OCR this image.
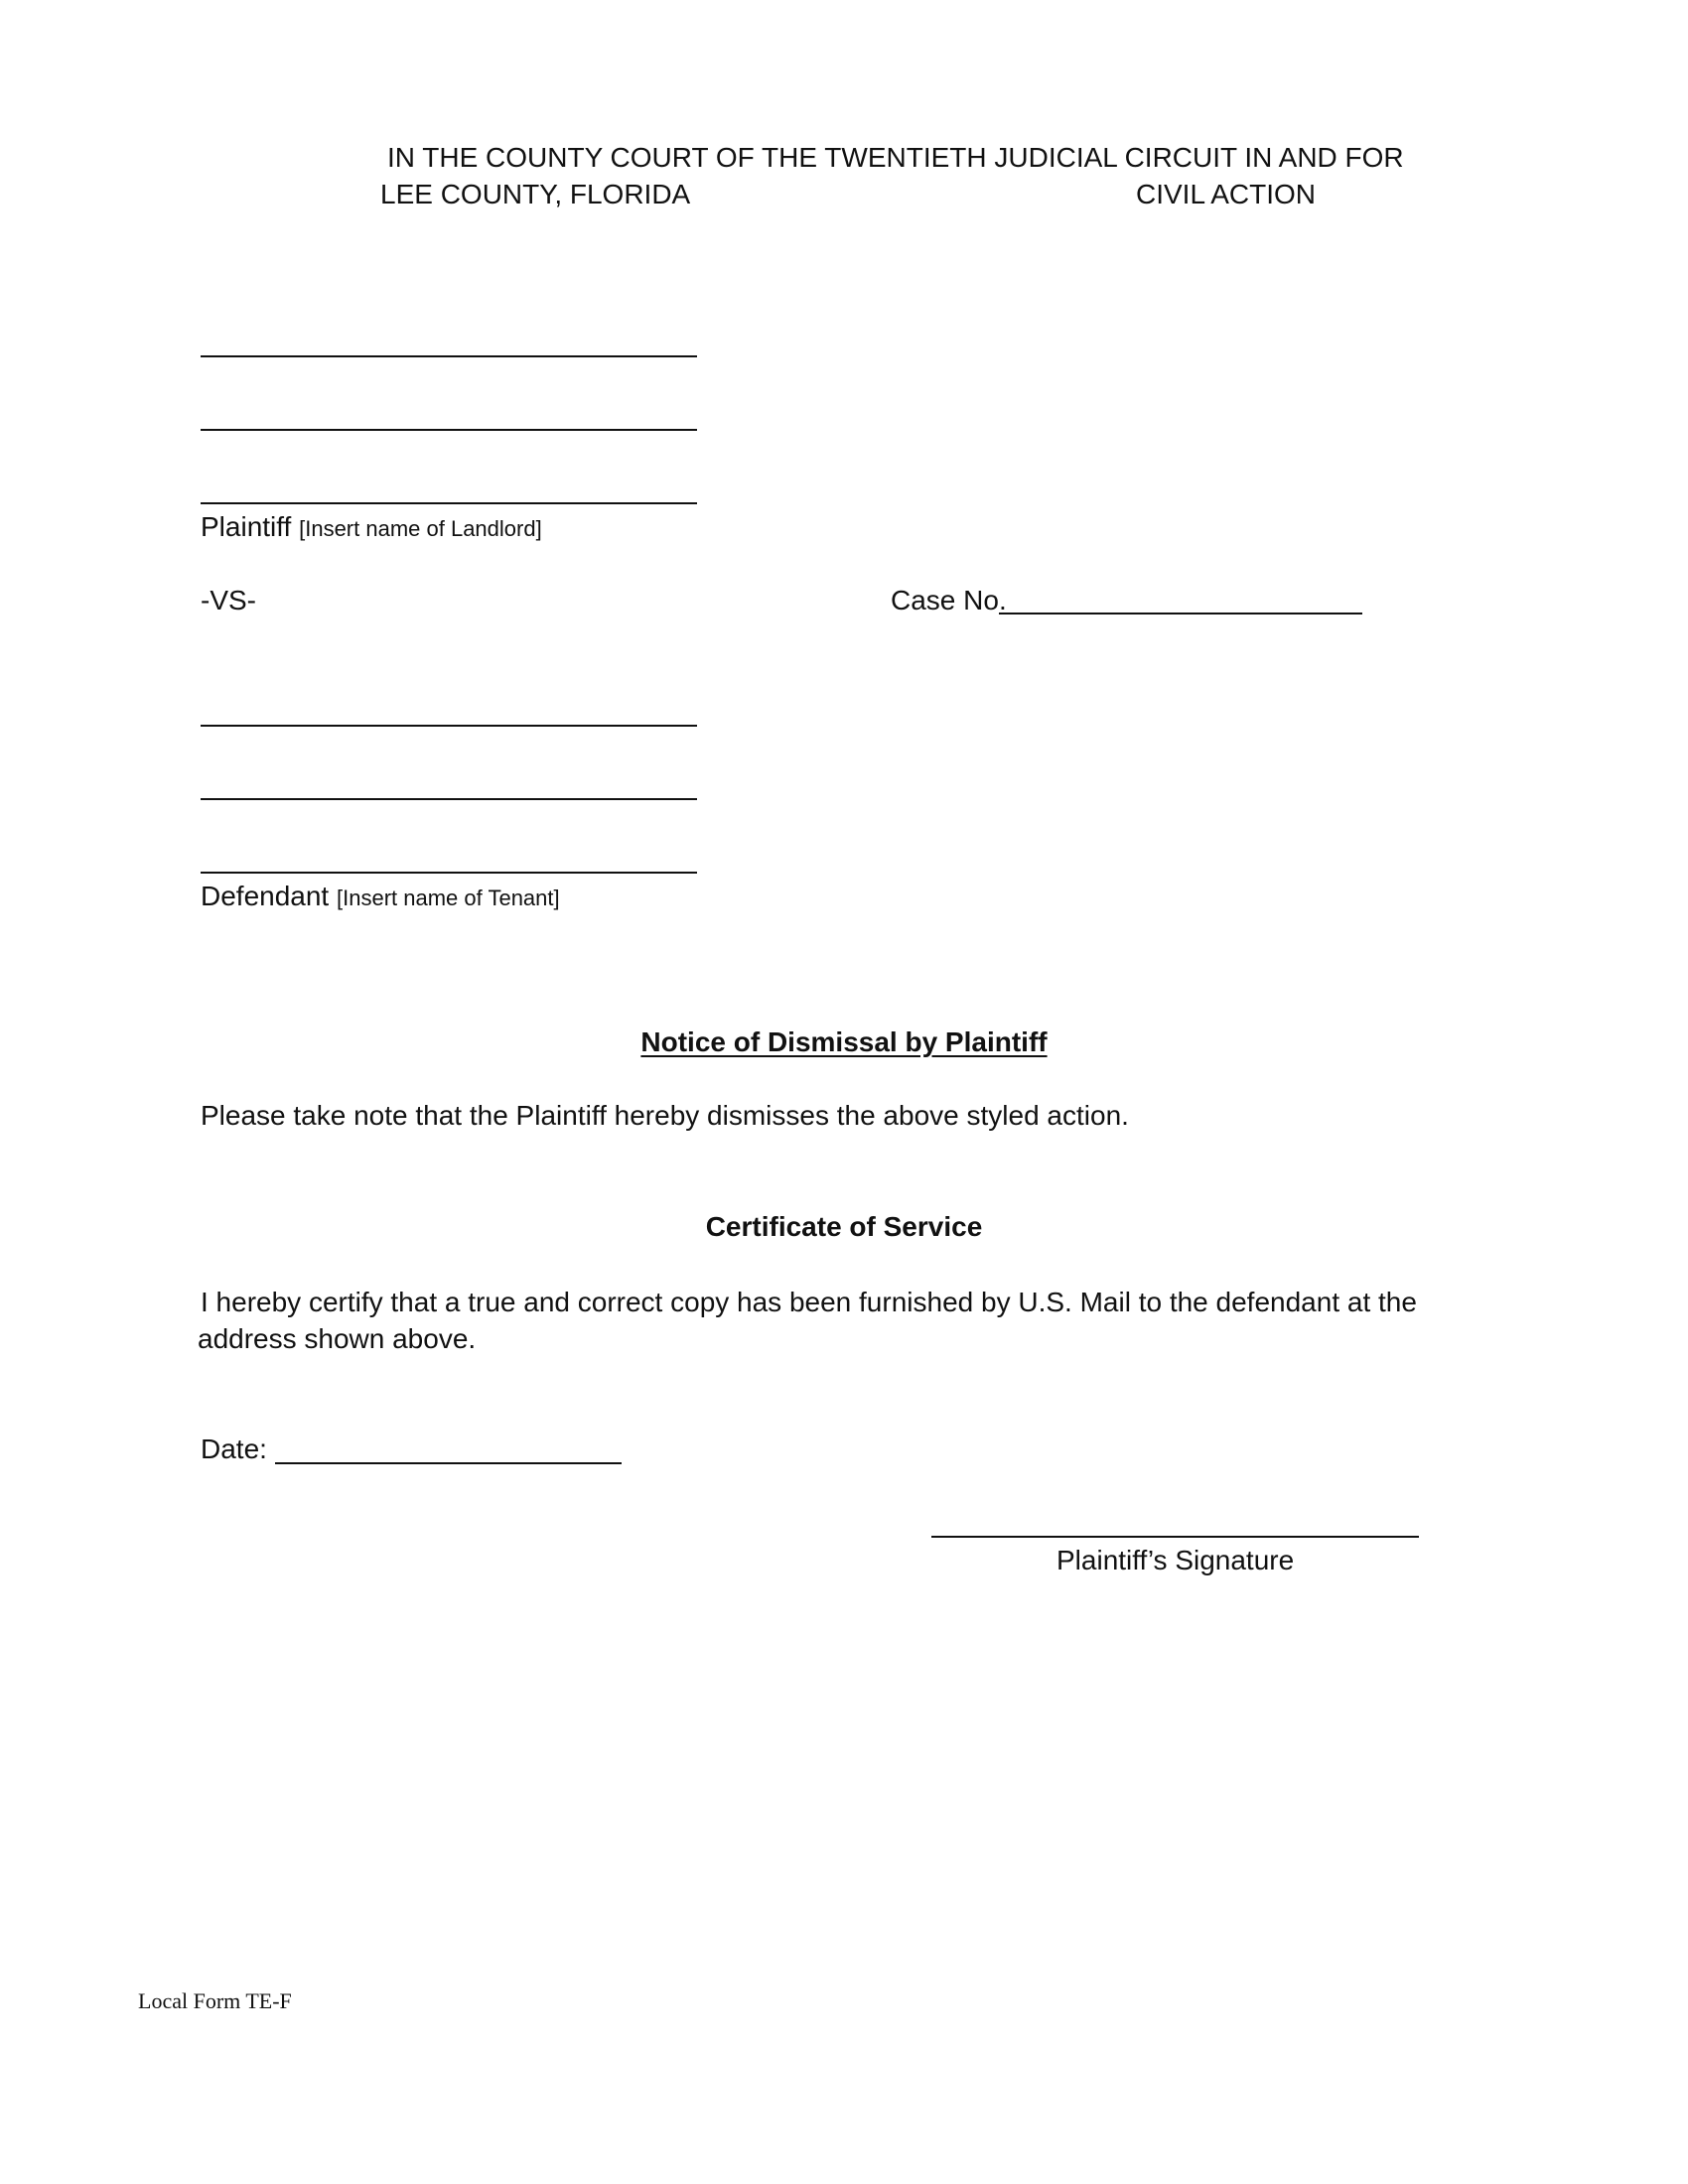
IN THE COUNTY COURT OF THE TWENTIETH JUDICIAL CIRCUIT IN AND FOR
LEE COUNTY, FLORIDA	CIVIL ACTION
Plaintiff [Insert name of Landlord]
-VS-	Case No.
Defendant [Insert name of Tenant]
Notice of Dismissal by Plaintiff
Please take note that the Plaintiff hereby dismisses the above styled action.
Certificate of Service
I hereby certify that a true and correct copy has been furnished by U.S. Mail to the defendant at the
address shown above.
Date:
Plaintiff’s Signature
Local Form TE-F
